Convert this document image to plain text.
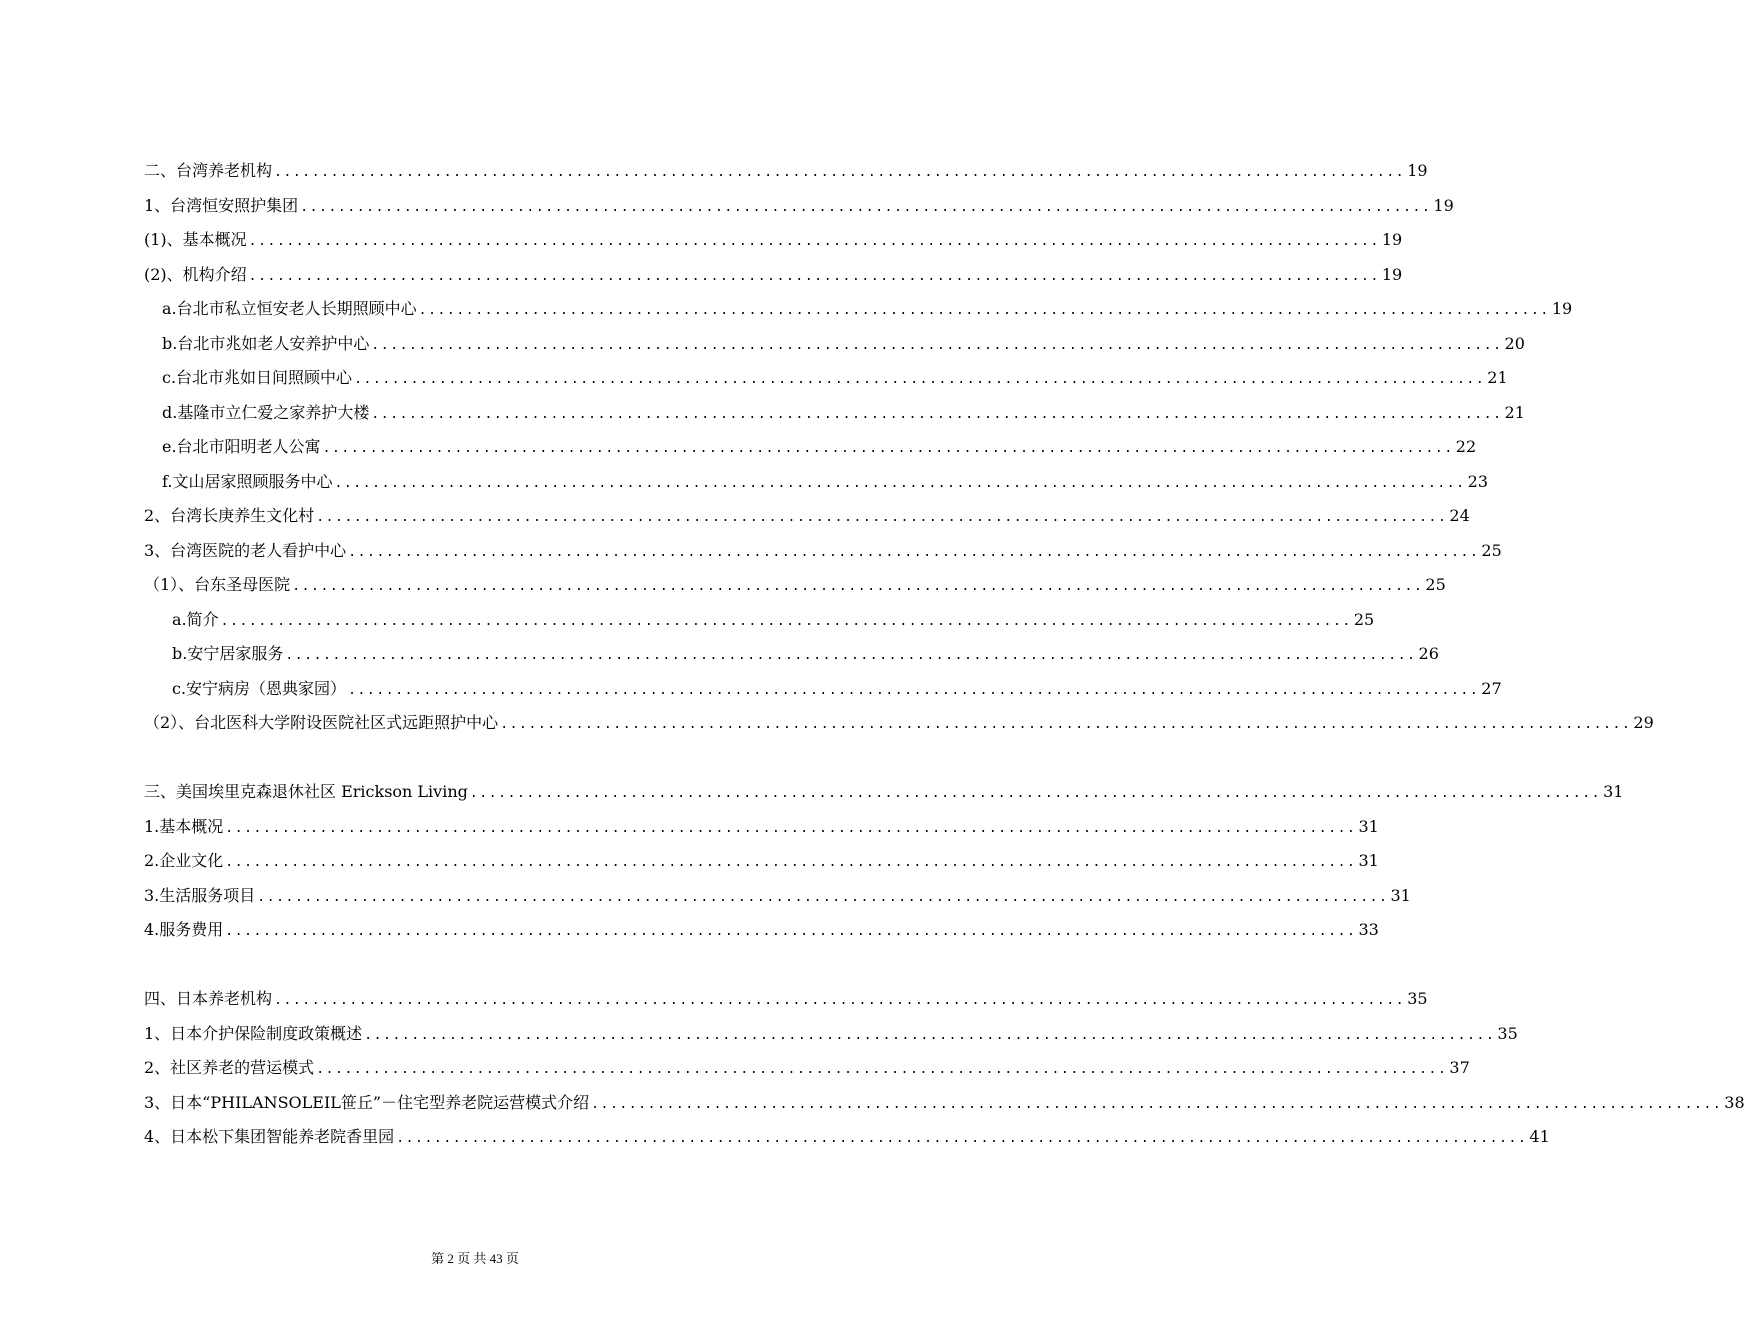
二、台湾养老机构 ........................................................................................................................ 19
1、台湾恒安照护集团 ........................................................................................................................ 19
(1)、基本概况 ........................................................................................................................ 19
(2)、机构介绍 ........................................................................................................................ 19
a.台北市私立恒安老人长期照顾中心 ........................................................................................................................ 19
b.台北市兆如老人安养护中心 ........................................................................................................................ 20
c.台北市兆如日间照顾中心 ........................................................................................................................ 21
d.基隆市立仁爱之家养护大楼 ........................................................................................................................ 21
e.台北市阳明老人公寓 ........................................................................................................................ 22
f.文山居家照顾服务中心 ........................................................................................................................ 23
2、台湾长庚养生文化村 ........................................................................................................................ 24
3、台湾医院的老人看护中心 ........................................................................................................................ 25
（1）、台东圣母医院 ........................................................................................................................ 25
a.简介 ........................................................................................................................ 25
b.安宁居家服务 ........................................................................................................................ 26
c.安宁病房（恩典家园） ........................................................................................................................ 27
（2）、台北医科大学附设医院社区式远距照护中心 ........................................................................................................................ 29
三、美国埃里克森退休社区 Erickson Living ........................................................................................................................ 31
1.基本概况 ........................................................................................................................ 31
2.企业文化 ........................................................................................................................ 31
3.生活服务项目 ........................................................................................................................ 31
4.服务费用 ........................................................................................................................ 33
四、日本养老机构 ........................................................................................................................ 35
1、日本介护保险制度政策概述 ........................................................................................................................ 35
2、社区养老的营运模式 ........................................................................................................................ 37
3、日本“PHILANSOLEIL笹丘”－住宅型养老院运营模式介绍 ........................................................................................................................ 38
4、日本松下集团智能养老院香里园 ........................................................................................................................ 41
第 2 页 共 43 页
